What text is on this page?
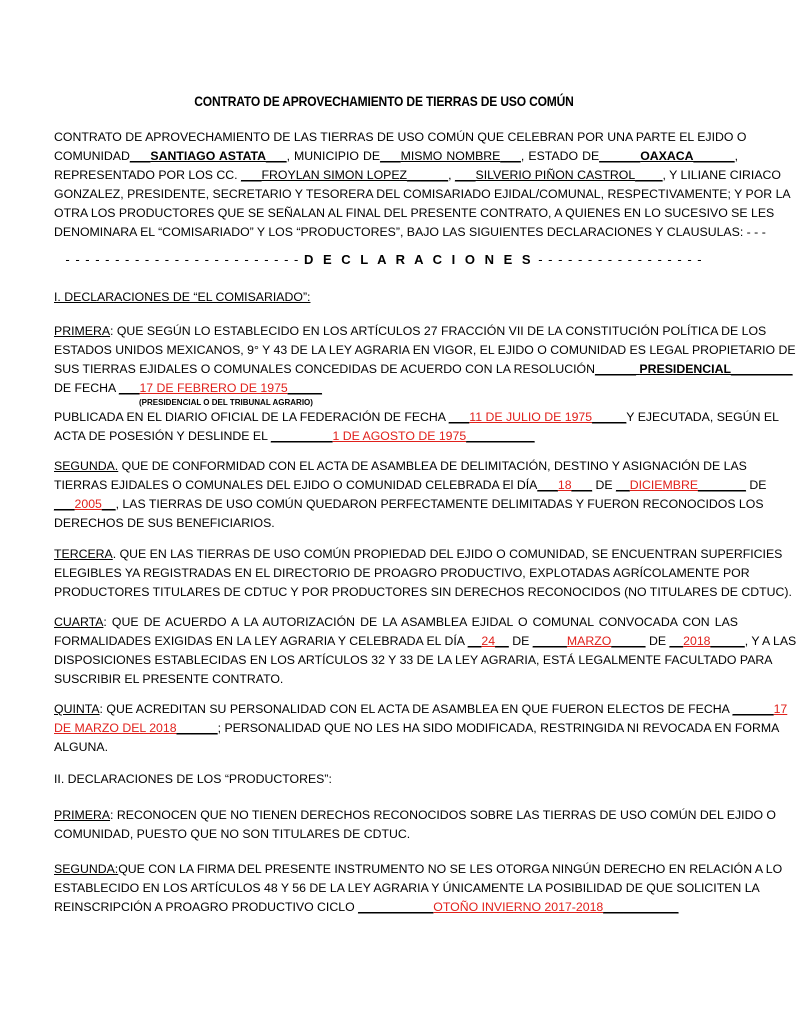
CONTRATO DE APROVECHAMIENTO DE TIERRAS DE USO COMÚN
CONTRATO DE APROVECHAMIENTO DE LAS TIERRAS DE USO COMÚN QUE CELEBRAN POR UNA PARTE EL EJIDO O
COMUNIDAD___SANTIAGO ASTATA___, MUNICIPIO DE___MISMO NOMBRE___, ESTADO DE______OAXACA______,
REPRESENTADO POR LOS CC. ___FROYLAN SIMON LOPEZ______, ___SILVERIO PIÑON CASTROL____, Y LILIANE CIRIACO
GONZALEZ, PRESIDENTE, SECRETARIO Y TESORERA DEL COMISARIADO EJIDAL/COMUNAL, RESPECTIVAMENTE; Y POR LA
OTRA LOS PRODUCTORES QUE SE SEÑALAN AL FINAL DEL PRESENTE CONTRATO, A QUIENES EN LO SUCESIVO SE LES
DENOMINARA EL “COMISARIADO” Y LOS “PRODUCTORES”, BAJO LAS SIGUIENTES DECLARACIONES Y CLAUSULAS: - - -
- - - - - - - - - - - - - - - - - - - - - - - - D E C L A R A C I O N E S - - - - - - - - - - - - - - - - -
I. DECLARACIONES DE “EL COMISARIADO”:
PRIMERA: QUE SEGÚN LO ESTABLECIDO EN LOS ARTÍCULOS 27 FRACCIÓN VII DE LA CONSTITUCIÓN POLÍTICA DE LOS
ESTADOS UNIDOS MEXICANOS, 9° Y 43 DE LA LEY AGRARIA EN VIGOR, EL EJIDO O COMUNIDAD ES LEGAL PROPIETARIO DE
SUS TIERRAS EJIDALES O COMUNALES CONCEDIDAS DE ACUERDO CON LA RESOLUCIÓN______ PRESIDENCIAL_________
DE FECHA ___17 DE FEBRERO DE 1975_____
(PRESIDENCIAL O DEL TRIBUNAL AGRARIO)
PUBLICADA EN EL DIARIO OFICIAL DE LA FEDERACIÓN DE FECHA ___11 DE JULIO DE 1975_____Y EJECUTADA, SEGÚN EL
ACTA DE POSESIÓN Y DESLINDE EL _________1 DE AGOSTO DE 1975__________
SEGUNDA. QUE DE CONFORMIDAD CON EL ACTA DE ASAMBLEA DE DELIMITACIÓN, DESTINO Y ASIGNACIÓN DE LAS
TIERRAS EJIDALES O COMUNALES DEL EJIDO O COMUNIDAD CELEBRADA El DÍA___18___ DE __DICIEMBRE_______ DE
___2005__, LAS TIERRAS DE USO COMÚN QUEDARON PERFECTAMENTE DELIMITADAS Y FUERON RECONOCIDOS LOS
DERECHOS DE SUS BENEFICIARIOS.
TERCERA. QUE EN LAS TIERRAS DE USO COMÚN PROPIEDAD DEL EJIDO O COMUNIDAD, SE ENCUENTRAN SUPERFICIES
ELEGIBLES YA REGISTRADAS EN EL DIRECTORIO DE PROAGRO PRODUCTIVO, EXPLOTADAS AGRÍCOLAMENTE POR
PRODUCTORES TITULARES DE CDTUC Y POR PRODUCTORES SIN DERECHOS RECONOCIDOS (NO TITULARES DE CDTUC).
CUARTA: QUE DE ACUERDO A LA AUTORIZACIÓN DE LA ASAMBLEA EJIDAL O COMUNAL CONVOCADA CON LAS
FORMALIDADES EXIGIDAS EN LA LEY AGRARIA Y CELEBRADA EL DÍA __24__ DE _____MARZO_____ DE __2018_____, Y A LAS
DISPOSICIONES ESTABLECIDAS EN LOS ARTÍCULOS 32 Y 33 DE LA LEY AGRARIA, ESTÁ LEGALMENTE FACULTADO PARA
SUSCRIBIR EL PRESENTE CONTRATO.
QUINTA: QUE ACREDITAN SU PERSONALIDAD CON EL ACTA DE ASAMBLEA EN QUE FUERON ELECTOS DE FECHA ______17
DE MARZO DEL 2018______; PERSONALIDAD QUE NO LES HA SIDO MODIFICADA, RESTRINGIDA NI REVOCADA EN FORMA
ALGUNA.
II. DECLARACIONES DE LOS “PRODUCTORES”:
PRIMERA: RECONOCEN QUE NO TIENEN DERECHOS RECONOCIDOS SOBRE LAS TIERRAS DE USO COMÚN DEL EJIDO O
COMUNIDAD, PUESTO QUE NO SON TITULARES DE CDTUC.
SEGUNDA:QUE CON LA FIRMA DEL PRESENTE INSTRUMENTO NO SE LES OTORGA NINGÚN DERECHO EN RELACIÓN A LO
ESTABLECIDO EN LOS ARTÍCULOS 48 Y 56 DE LA LEY AGRARIA Y ÚNICAMENTE LA POSIBILIDAD DE QUE SOLICITEN LA
REINSCRIPCIÓN A PROAGRO PRODUCTIVO CICLO ___________OTOÑO INVIERNO 2017-2018___________
